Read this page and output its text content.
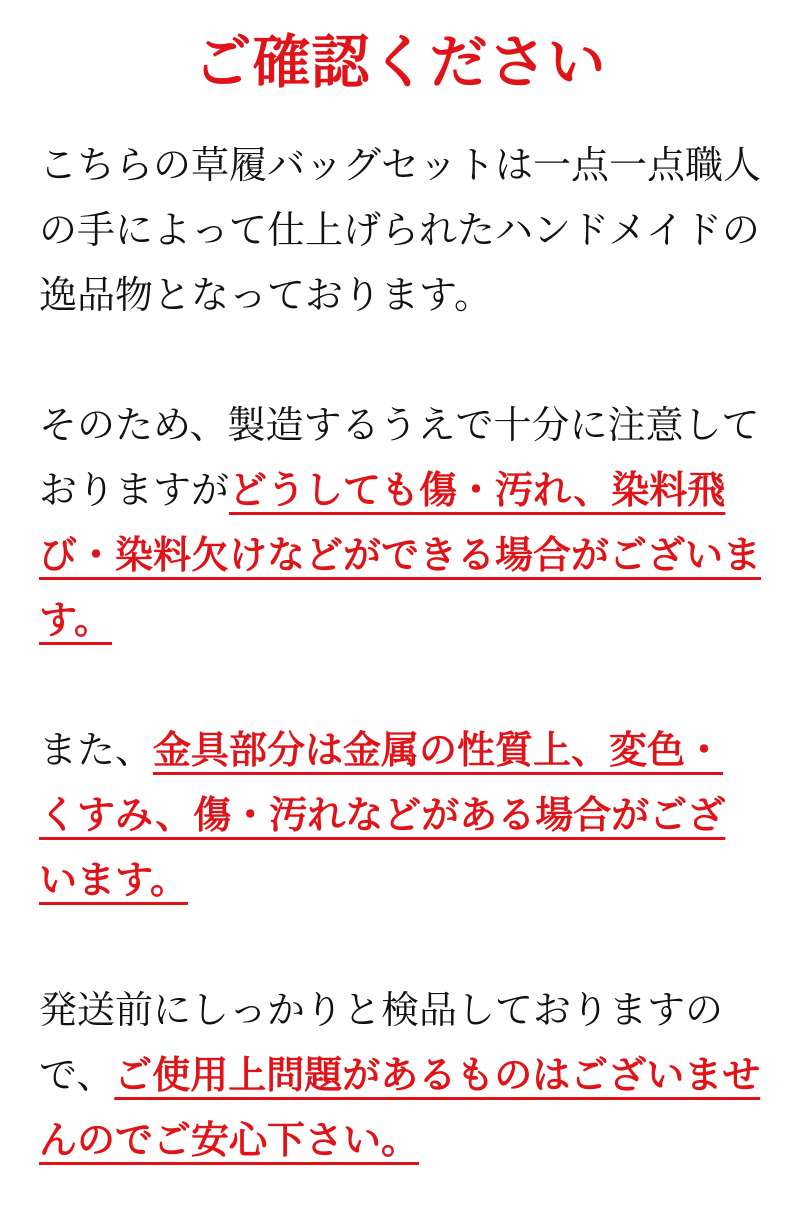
ご確認ください

こちらの草履バッグセットは一点一点職人の手によって仕上げられたハンドメイドの逸品物となっております。

そのため、製造するうえで十分に注意しておりますがどうしても傷・汚れ、染料飛び・染料欠けなどができる場合がございます。

また、金具部分は金属の性質上、変色・くすみ、傷・汚れなどがある場合がございます。

発送前にしっかりと検品しておりますので、ご使用上問題があるものはございませんのでご安心下さい。
